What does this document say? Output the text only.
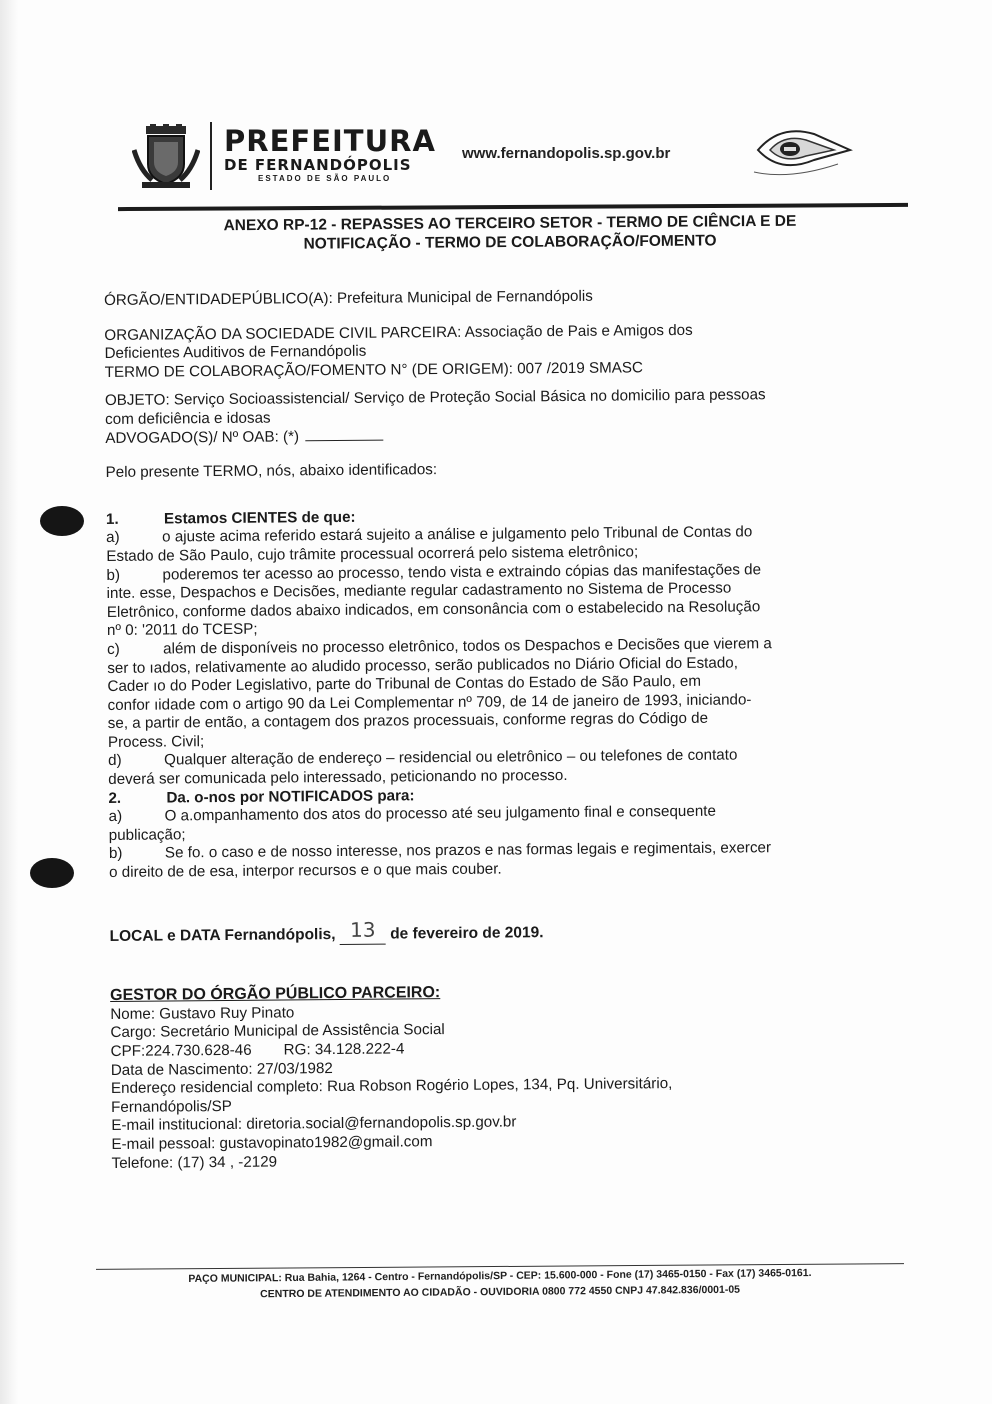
PREFEITURA
DE FERNANDÓPOLIS
ESTADO DE SÃO PAULO
www.fernandopolis.sp.gov.br
ANEXO RP-12 - REPASSES AO TERCEIRO SETOR - TERMO DE CIÊNCIA E DE
NOTIFICAÇÃO - TERMO DE COLABORAÇÃO/FOMENTO

ÓRGÃO/ENTIDADEPÚBLICO(A): Prefeitura Municipal de Fernandópolis

ORGANIZAÇÃO DA SOCIEDADE CIVIL PARCEIRA: Associação de Pais e Amigos dos

Deficientes Auditivos de Fernandópolis

TERMO DE COLABORAÇÃO/FOMENTO N° (DE ORIGEM): 007 /2019 SMASC

OBJETO: Serviço Socioassistencial/ Serviço de Proteção Social Básica no domicilio para pessoas

com deficiência e idosas

ADVOGADO(S)/ Nº OAB: (*)

Pelo presente TERMO, nós, abaixo identificados:

1.	Estamos CIENTES de que:

a)	o ajuste acima referido estará sujeito a análise e julgamento pelo Tribunal de Contas do

Estado de São Paulo, cujo trâmite processual ocorrerá pelo sistema eletrônico;

b)	poderemos ter acesso ao processo, tendo vista e extraindo cópias das manifestações de

inte. esse, Despachos e Decisões, mediante regular cadastramento no Sistema de Processo

Eletrônico, conforme dados abaixo indicados, em consonância com o estabelecido na Resolução

nº 0: '2011 do TCESP;

c)	além de disponíveis no processo eletrônico, todos os Despachos e Decisões que vierem a

ser to ıados, relativamente ao aludido processo, serão publicados no Diário Oficial do Estado,

Cader ıo do Poder Legislativo, parte do Tribunal de Contas do Estado de São Paulo, em

confor ıidade com o artigo 90 da Lei Complementar nº 709, de 14 de janeiro de 1993, iniciando-

se, a partir de então, a contagem dos prazos processuais, conforme regras do Código de

Process. Civil;

d)	Qualquer alteração de endereço – residencial ou eletrônico – ou telefones de contato

deverá ser comunicada pelo interessado, peticionando no processo.

2.	Da. o-nos por NOTIFICADOS para:

a)	O a.ompanhamento dos atos do processo até seu julgamento final e consequente

publicação;

b)	Se fo. o caso e de nosso interesse, nos prazos e nas formas legais e regimentais, exercer

o direito de de esa, interpor recursos e o que mais couber.

LOCAL e DATA Fernandópolis, 13 de fevereiro de 2019.

GESTOR DO ÓRGÃO PÚBLICO PARCEIRO:

Nome: Gustavo Ruy Pinato

Cargo: Secretário Municipal de Assistência Social

CPF:224.730.628-46 RG: 34.128.222-4

Data de Nascimento: 27/03/1982

Endereço residencial completo: Rua Robson Rogério Lopes, 134, Pq. Universitário,

Fernandópolis/SP

E-mail institucional: diretoria.social@fernandopolis.sp.gov.br

E-mail pessoal: gustavopinato1982@gmail.com

Telefone: (17) 34 , -2129

PAÇO MUNICIPAL: Rua Bahia, 1264 - Centro - Fernandópolis/SP - CEP: 15.600-000 - Fone (17) 3465-0150 - Fax (17) 3465-0161.
CENTRO DE ATENDIMENTO AO CIDADÃO - OUVIDORIA 0800 772 4550 CNPJ 47.842.836/0001-05
